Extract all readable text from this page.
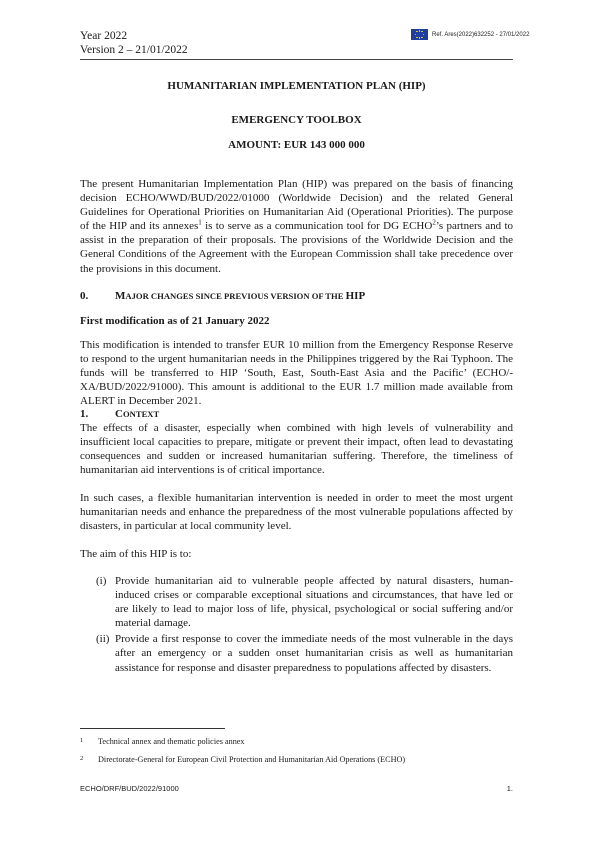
Year 2022
Version 2 – 21/01/2022
Ref. Ares(2022)632252 - 27/01/2022
HUMANITARIAN IMPLEMENTATION PLAN (HIP)
EMERGENCY TOOLBOX
AMOUNT: EUR 143 000 000

The present Humanitarian Implementation Plan (HIP) was prepared on the basis of financing decision ECHO/WWD/BUD/2022/01000 (Worldwide Decision) and the related General Guidelines for Operational Priorities on Humanitarian Aid (Operational Priorities). The purpose of the HIP and its annexes$^1$ is to serve as a communication tool for DG ECHO$^2$’s partners and to assist in the preparation of their proposals. The provisions of the Worldwide Decision and the General Conditions of the Agreement with the European Commission shall take precedence over the provisions in this document.

0. MAJOR CHANGES SINCE PREVIOUS VERSION OF THE HIP
First modification as of 21 January 2022

This modification is intended to transfer EUR 10 million from the Emergency Response Reserve to respond to the urgent humanitarian needs in the Philippines triggered by the Rai Typhoon. The funds will be transferred to HIP ‘South, East, South-East Asia and the Pacific’ (ECHO/-XA/BUD/2022/91000). This amount is additional to the EUR 1.7 million made available from ALERT in December 2021.

1. CONTEXT

The effects of a disaster, especially when combined with high levels of vulnerability and insufficient local capacities to prepare, mitigate or prevent their impact, often lead to devastating consequences and sudden or increased humanitarian suffering. Therefore, the timeliness of humanitarian aid interventions is of critical importance.

In such cases, a flexible humanitarian intervention is needed in order to meet the most urgent humanitarian needs and enhance the preparedness of the most vulnerable populations affected by disasters, in particular at local community level.

The aim of this HIP is to:

(i) Provide humanitarian aid to vulnerable people affected by natural disasters, human-induced crises or comparable exceptional situations and circumstances, that have led or are likely to lead to major loss of life, physical, psychological or social suffering and/or material damage.
(ii) Provide a first response to cover the immediate needs of the most vulnerable in the days after an emergency or a sudden onset humanitarian crisis as well as humanitarian assistance for response and disaster preparedness to populations affected by disasters.
1	Technical annex and thematic policies annex
2	Directorate-General for European Civil Protection and Humanitarian Aid Operations (ECHO)
ECHO/DRF/BUD/2022/91000	1.
